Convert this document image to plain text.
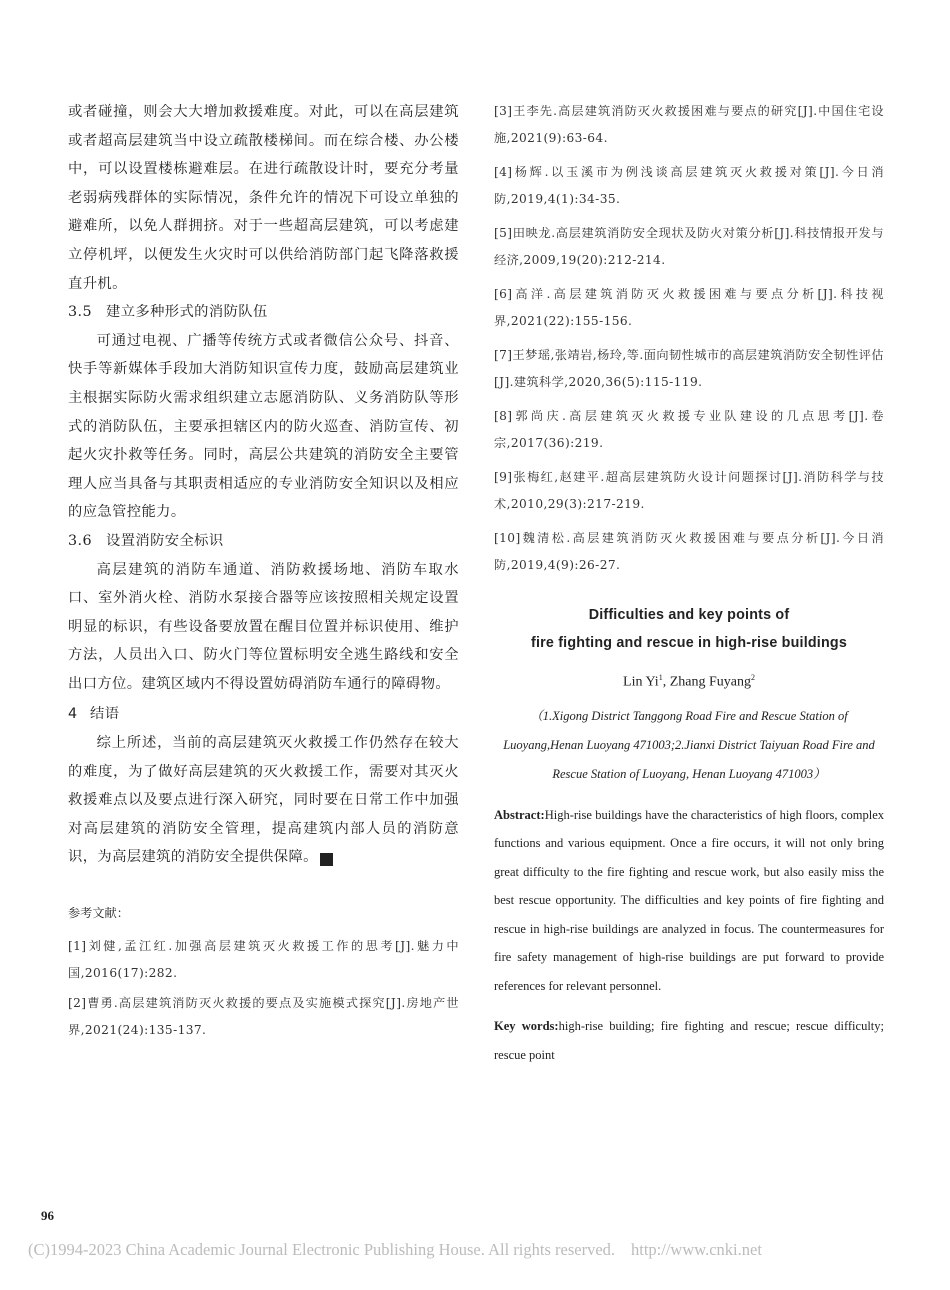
或者碰撞，则会大大增加救援难度。对此，可以在高层建筑或者超高层建筑当中设立疏散楼梯间。而在综合楼、办公楼中，可以设置楼栋避难层。在进行疏散设计时，要充分考量老弱病残群体的实际情况，条件允许的情况下可设立单独的避难所，以免人群拥挤。对于一些超高层建筑，可以考虑建立停机坪，以便发生火灾时可以供给消防部门起飞降落救援直升机。

3.5 建立多种形式的消防队伍

可通过电视、广播等传统方式或者微信公众号、抖音、快手等新媒体手段加大消防知识宣传力度，鼓励高层建筑业主根据实际防火需求组织建立志愿消防队、义务消防队等形式的消防队伍，主要承担辖区内的防火巡查、消防宣传、初起火灾扑救等任务。同时，高层公共建筑的消防安全主要管理人应当具备与其职责相适应的专业消防安全知识以及相应的应急管控能力。

3.6 设置消防安全标识

高层建筑的消防车通道、消防救援场地、消防车取水口、室外消火栓、消防水泵接合器等应该按照相关规定设置明显的标识，有些设备要放置在醒目位置并标识使用、维护方法，人员出入口、防火门等位置标明安全逃生路线和安全出口方位。建筑区域内不得设置妨碍消防车通行的障碍物。

4 结语

综上所述，当前的高层建筑灭火救援工作仍然存在较大的难度，为了做好高层建筑的灭火救援工作，需要对其灭火救援难点以及要点进行深入研究，同时要在日常工作中加强对高层建筑的消防安全管理，提高建筑内部人员的消防意识，为高层建筑的消防安全提供保障。	C

参考文献：

[1]刘健,孟江红.加强高层建筑灭火救援工作的思考[J].魅力中国,2016(17):282.

[2]曹勇.高层建筑消防灭火救援的要点及实施模式探究[J].房地产世界,2021(24):135-137.

[3]王李先.高层建筑消防灭火救援困难与要点的研究[J].中国住宅设施,2021(9):63-64.

[4]杨辉.以玉溪市为例浅谈高层建筑灭火救援对策[J].今日消防,2019,4(1):34-35.

[5]田映龙.高层建筑消防安全现状及防火对策分析[J].科技情报开发与经济,2009,19(20):212-214.

[6]高洋.高层建筑消防灭火救援困难与要点分析[J].科技视界,2021(22):155-156.

[7]王梦瑶,张靖岩,杨玲,等.面向韧性城市的高层建筑消防安全韧性评估[J].建筑科学,2020,36(5):115-119.

[8]郭尚庆.高层建筑灭火救援专业队建设的几点思考[J].卷宗,2017(36):219.

[9]张梅红,赵建平.超高层建筑防火设计问题探讨[J].消防科学与技术,2010,29(3):217-219.

[10]魏清松.高层建筑消防灭火救援困难与要点分析[J].今日消防,2019,4(9):26-27.

Difficulties and key points of
fire fighting and rescue in high-rise buildings
Lin Yi$^1$, Zhang Fuyang$^2$
（1.Xigong District Tanggong Road Fire and Rescue Station of Luoyang,Henan Luoyang 471003;2.Jianxi District Taiyuan Road Fire and Rescue Station of Luoyang, Henan Luoyang 471003）

Abstract:High-rise buildings have the characteristics of high floors, complex functions and various equipment. Once a fire occurs, it will not only bring great difficulty to the fire fighting and rescue work, but also easily miss the best rescue opportunity. The difficulties and key points of fire fighting and rescue in high-rise buildings are analyzed in focus. The countermeasures for fire safety management of high-rise buildings are put forward to provide references for relevant personnel.

Key words:high-rise building; fire fighting and rescue; rescue difficulty; rescue point

96
(C)1994-2023 China Academic Journal Electronic Publishing House. All rights reserved. http://www.cnki.net
